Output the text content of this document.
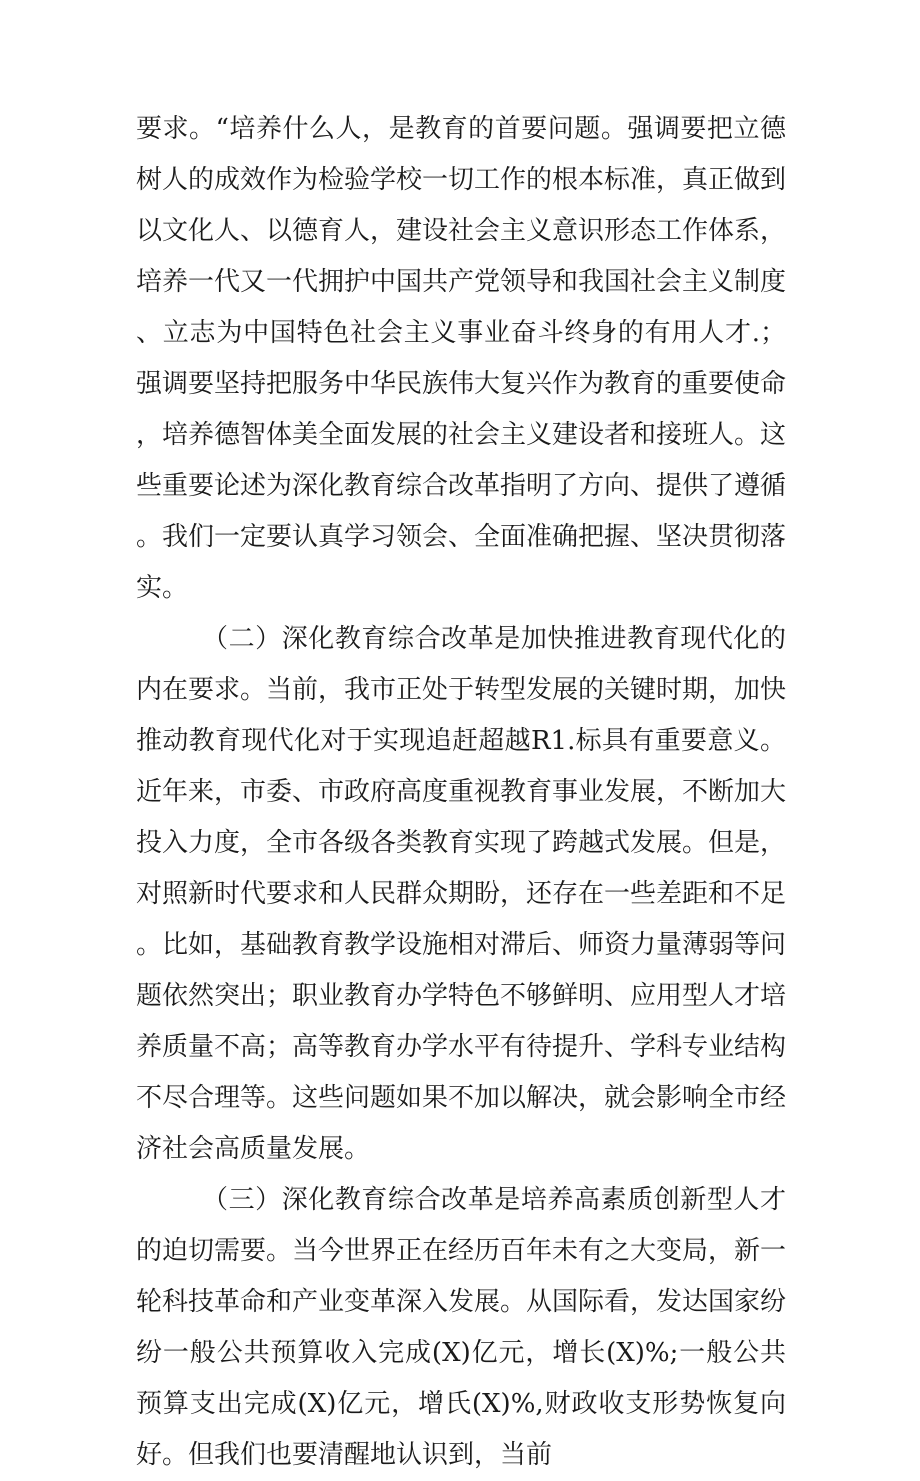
要求。“培养什么人，是教育的首要问题。强调要把立德树人的成效作为检验学校一切工作的根本标准，真正做到以文化人、以德育人，建设社会主义意识形态工作体系，培养一代又一代拥护中国共产党领导和我国社会主义制度、立志为中国特色社会主义事业奋斗终身的有用人才.；强调要坚持把服务中华民族伟大复兴作为教育的重要使命，培养德智体美全面发展的社会主义建设者和接班人。这些重要论述为深化教育综合改革指明了方向、提供了遵循。我们一定要认真学习领会、全面准确把握、坚决贯彻落实。

（二）深化教育综合改革是加快推进教育现代化的内在要求。当前，我市正处于转型发展的关键时期，加快推动教育现代化对于实现追赶超越R1.标具有重要意义。近年来，市委、市政府高度重视教育事业发展，不断加大投入力度，全市各级各类教育实现了跨越式发展。但是，对照新时代要求和人民群众期盼，还存在一些差距和不足。比如，基础教育教学设施相对滞后、师资力量薄弱等问题依然突出；职业教育办学特色不够鲜明、应用型人才培养质量不高；高等教育办学水平有待提升、学科专业结构不尽合理等。这些问题如果不加以解决，就会影响全市经济社会高质量发展。

（三）深化教育综合改革是培养高素质创新型人才的迫切需要。当今世界正在经历百年未有之大变局，新一轮科技革命和产业变革深入发展。从国际看，发达国家纷纷一般公共预算收入完成(X)亿元，增长(X)%;一般公共预算支出完成(X)亿元，增氏(X)%,财政收支形势恢复向好。但我们也要清醒地认识到，当前
